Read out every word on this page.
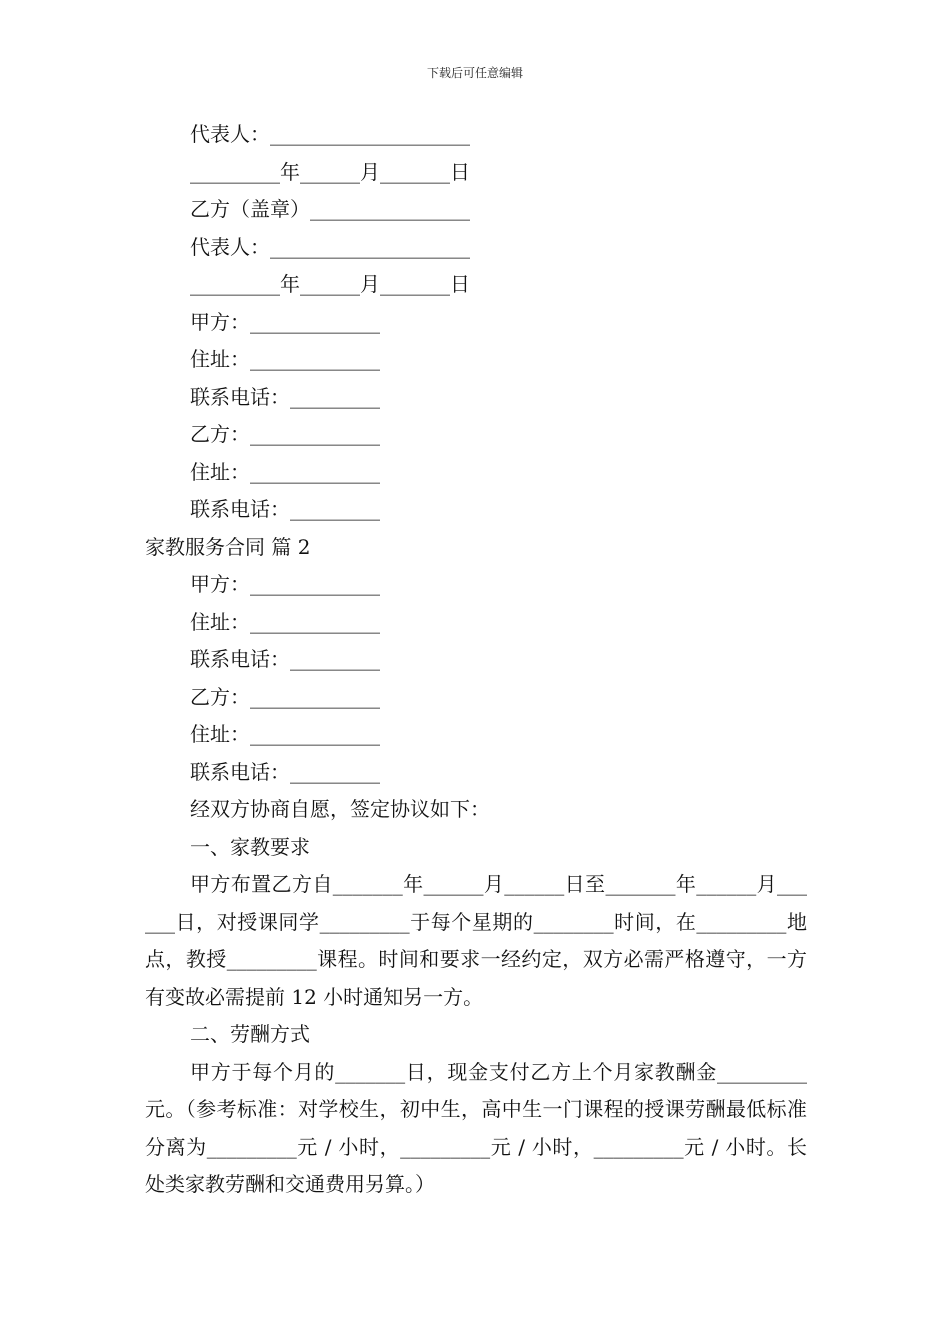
下载后可任意编辑
代表人：____________________
_________年______月_______日
乙方（盖章）________________
代表人：____________________
_________年______月_______日
甲方：_____________
住址：_____________
联系电话：_________
乙方：_____________
住址：_____________
联系电话：_________
家教服务合同 篇 2
甲方：_____________
住址：_____________
联系电话：_________
乙方：_____________
住址：_____________
联系电话：_________
经双方协商自愿，签定协议如下：
一、家教要求

甲方布置乙方自_______年______月______日至_______年______月______日，对授课同学_________于每个星期的________时间，在_________地点，教授_________课程。时间和要求一经约定，双方必需严格遵守，一方有变故必需提前 12 小时通知另一方。

二、劳酬方式

甲方于每个月的_______日，现金支付乙方上个月家教酬金_________元。（参考标准：对学校生，初中生，高中生一门课程的授课劳酬最低标准分离为_________元 / 小时，_________元 / 小时，_________元 / 小时。长处类家教劳酬和交通费用另算。）
